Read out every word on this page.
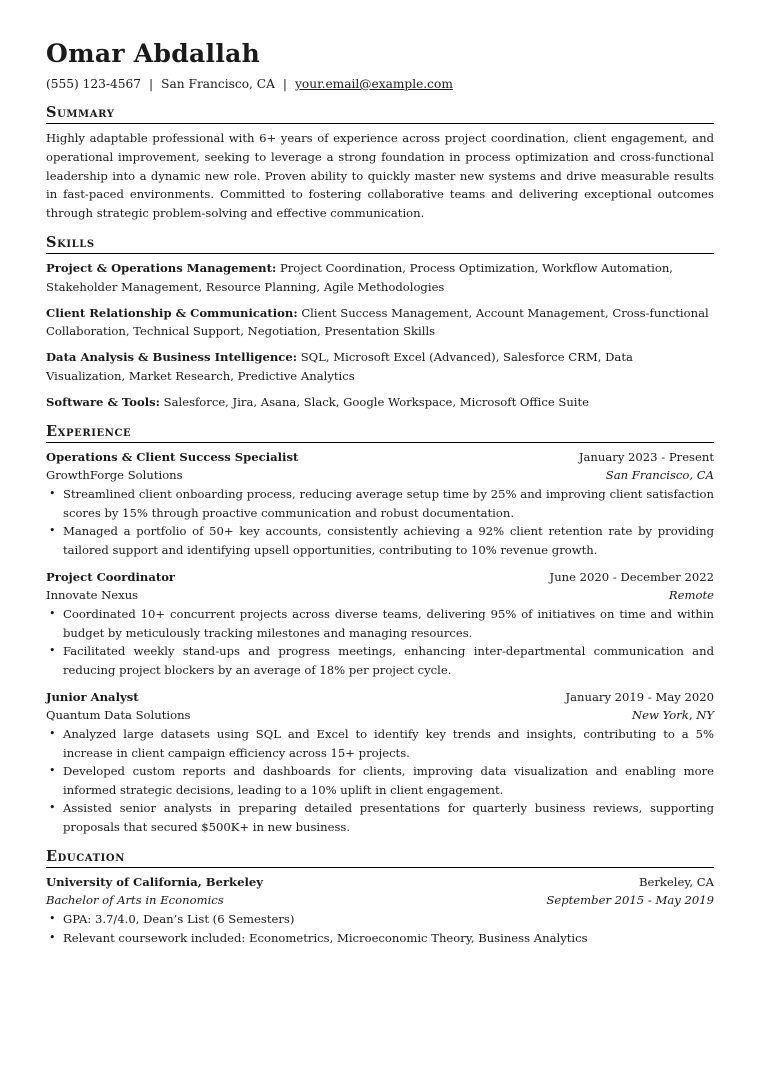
Omar Abdallah
(555) 123-4567 | San Francisco, CA | your.email@example.com
Summary

Highly adaptable professional with 6+ years of experience across project coordination, client engagement, and operational improvement, seeking to leverage a strong foundation in process optimization and cross-functional leadership into a dynamic new role. Proven ability to quickly master new systems and drive measurable results in fast-paced environments. Committed to fostering collaborative teams and delivering exceptional outcomes through strategic problem-solving and effective communication.

Skills

Project & Operations Management: Project Coordination, Process Optimization, Workflow Automation, Stakeholder Management, Resource Planning, Agile Methodologies

Client Relationship & Communication: Client Success Management, Account Management, Cross-functional Collaboration, Technical Support, Negotiation, Presentation Skills

Data Analysis & Business Intelligence: SQL, Microsoft Excel (Advanced), Salesforce CRM, Data Visualization, Market Research, Predictive Analytics

Software & Tools: Salesforce, Jira, Asana, Slack, Google Workspace, Microsoft Office Suite

Experience
Operations & Client Success Specialist	January 2023 - Present
GrowthForge Solutions	San Francisco, CA
• Streamlined client onboarding process, reducing average setup time by 25% and improving client satisfaction scores by 15% through proactive communication and robust documentation.
• Managed a portfolio of 50+ key accounts, consistently achieving a 92% client retention rate by providing tailored support and identifying upsell opportunities, contributing to 10% revenue growth.
Project Coordinator	June 2020 - December 2022
Innovate Nexus	Remote
• Coordinated 10+ concurrent projects across diverse teams, delivering 95% of initiatives on time and within budget by meticulously tracking milestones and managing resources.
• Facilitated weekly stand-ups and progress meetings, enhancing inter-departmental communication and reducing project blockers by an average of 18% per project cycle.
Junior Analyst	January 2019 - May 2020
Quantum Data Solutions	New York, NY
• Analyzed large datasets using SQL and Excel to identify key trends and insights, contributing to a 5% increase in client campaign efficiency across 15+ projects.
• Developed custom reports and dashboards for clients, improving data visualization and enabling more informed strategic decisions, leading to a 10% uplift in client engagement.
• Assisted senior analysts in preparing detailed presentations for quarterly business reviews, supporting proposals that secured $500K+ in new business.
Education
University of California, Berkeley	Berkeley, CA
Bachelor of Arts in Economics	September 2015 - May 2019
• GPA: 3.7/4.0, Dean’s List (6 Semesters)
• Relevant coursework included: Econometrics, Microeconomic Theory, Business Analytics
